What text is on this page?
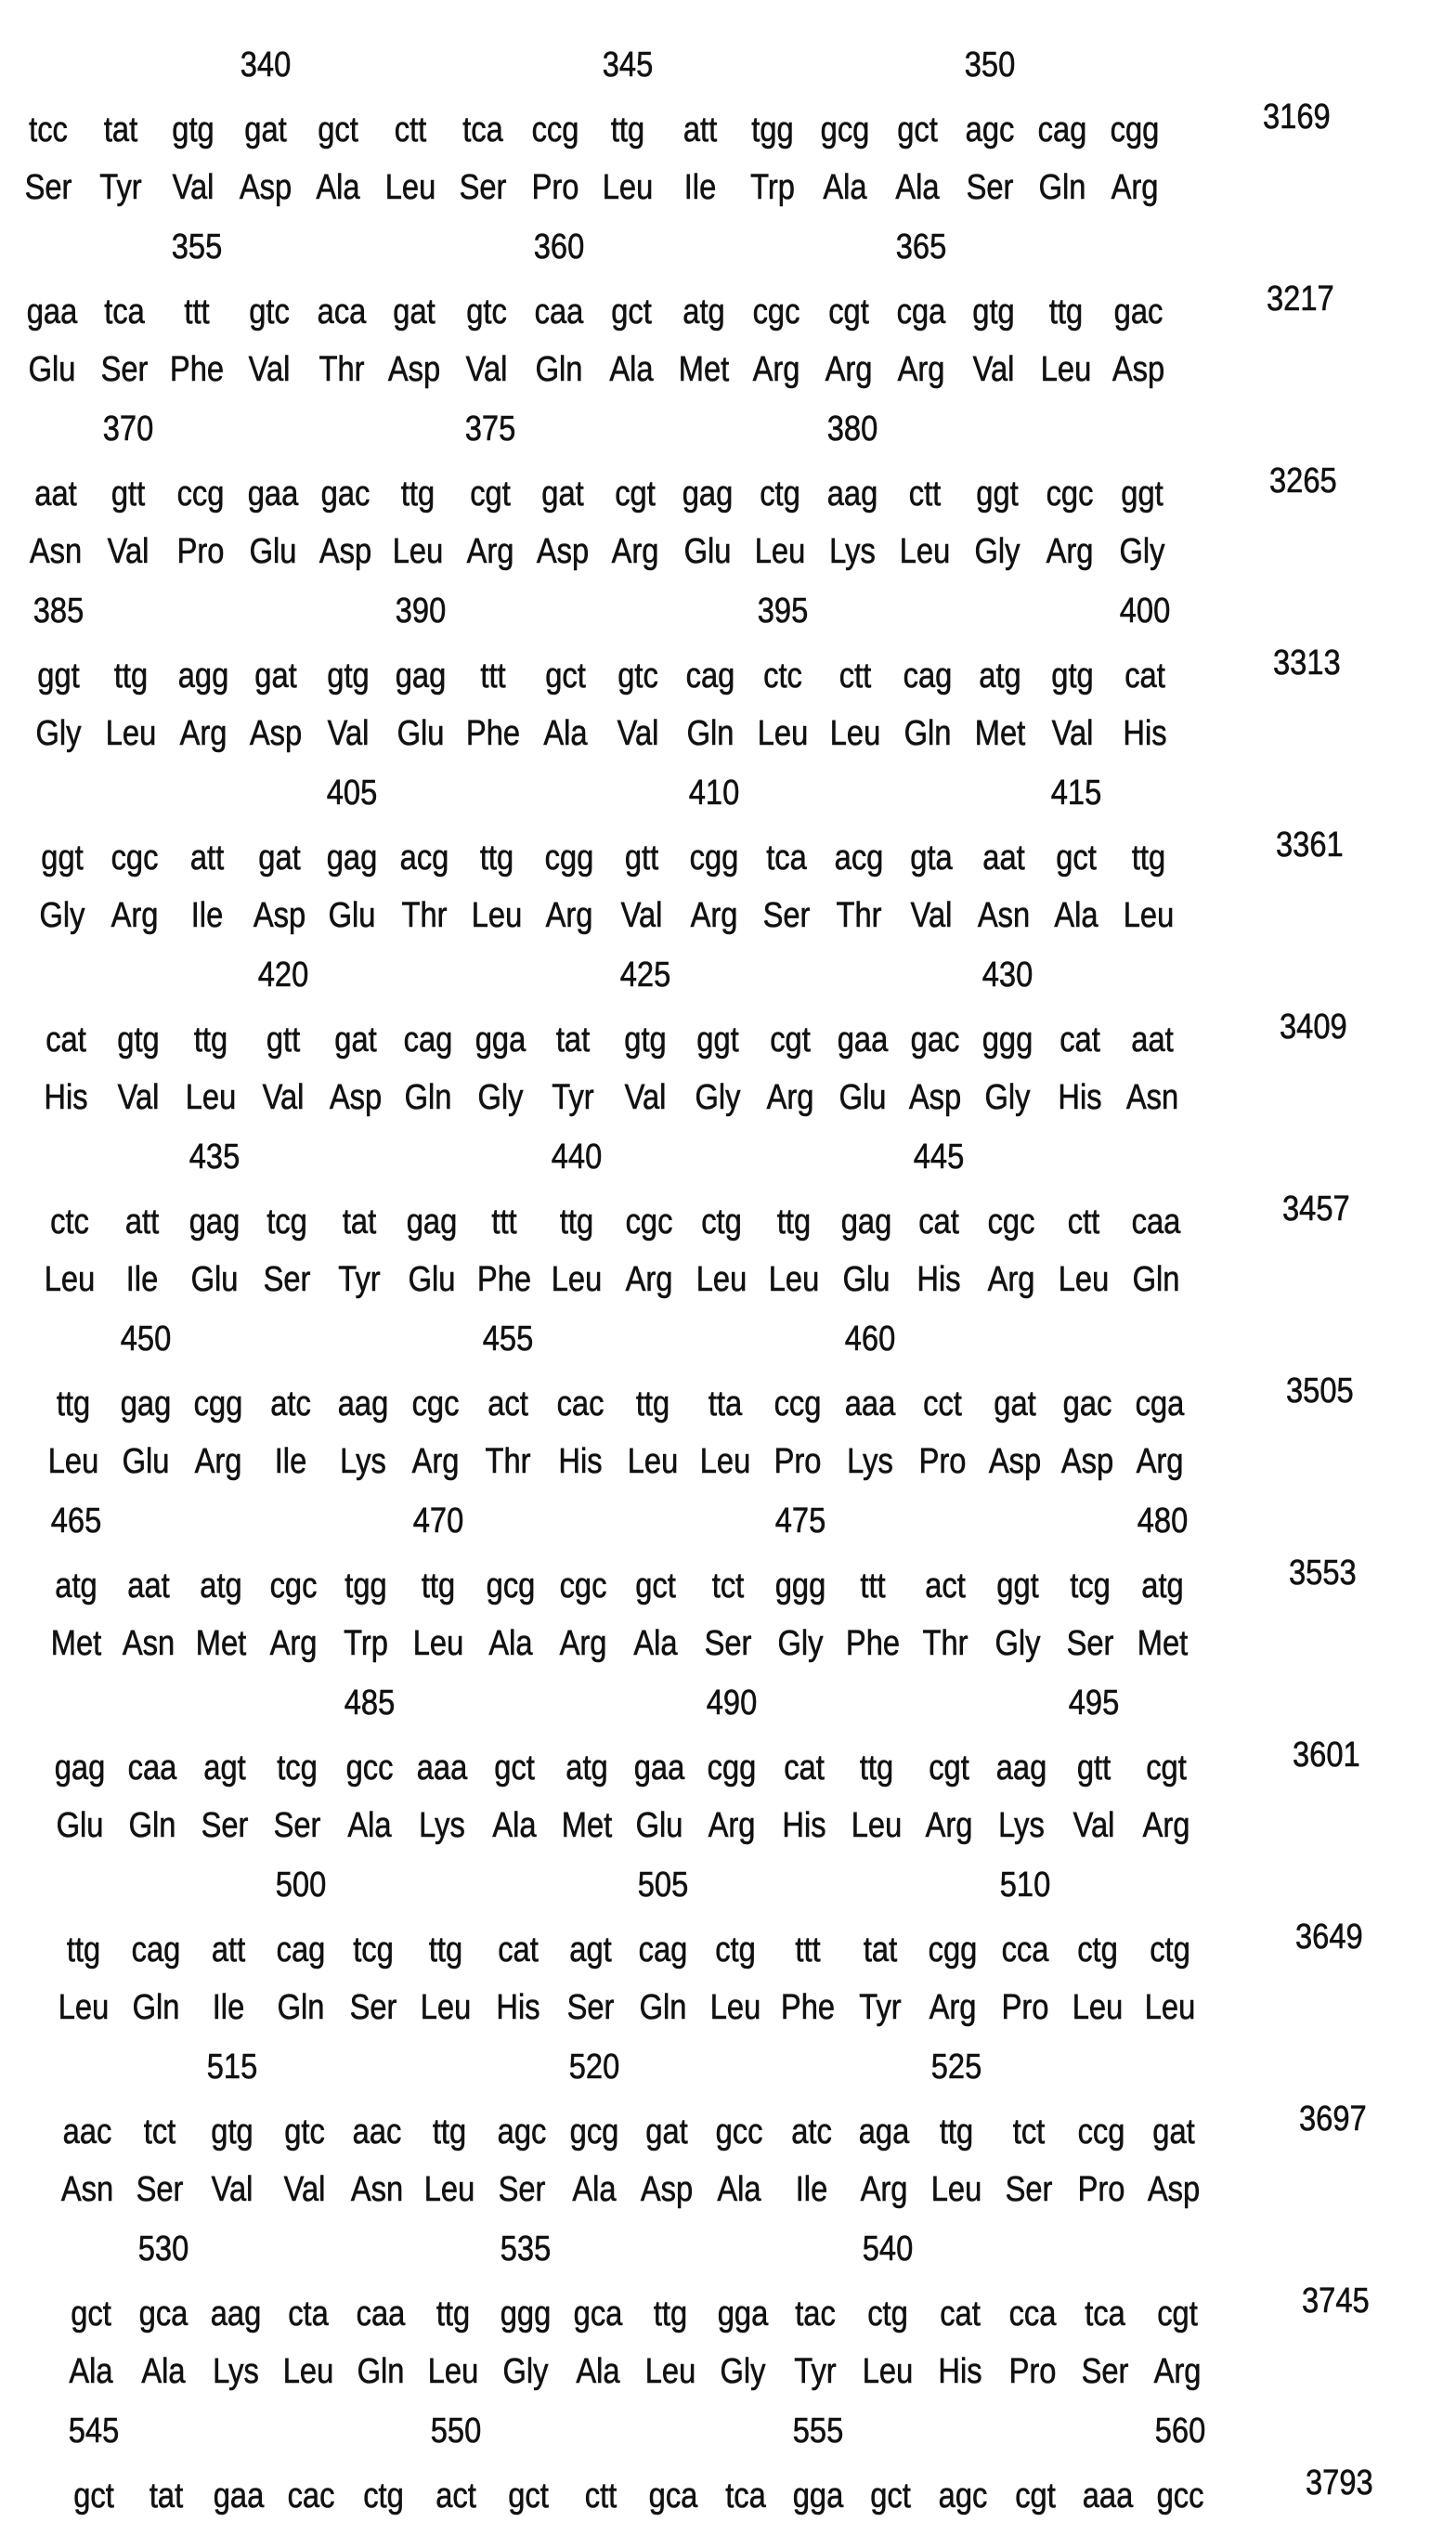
340	345	350
tcc	tat gtg gat gct	ctt	tca ccg ttg	att tgg gcg gct agc cag cgg
Ser Tyr Val Asp Ala Leu Ser Pro Leu Ile Trp Ala Ala Ser Gln Arg
3169
355	360	365
gaa tca	ttt	gtc aca gat gtc caa gct atg cgc cgt cga gtg ttg gac
Glu Ser Phe Val Thr Asp Val Gln Ala Met Arg Arg Arg Val Leu Asp
3217
370	375	380
aat gtt ccg gaa gac ttg	cgt gat cgt gag ctg aag ctt	ggt cgc ggt
Asn Val Pro Glu Asp Leu Arg Asp Arg Glu Leu Lys Leu Gly Arg Gly
3265
385	390	395	400
ggt ttg agg gat gtg gag ttt	gct gtc cag ctc	ctt cag atg gtg cat
Gly Leu Arg Asp Val Glu Phe Ala Val Gln Leu Leu Gln Met Val His
3313
405	410	415
ggt cgc att gat gag acg ttg cgg gtt cgg tca acg gta aat gct	ttg
Gly Arg Ile Asp Glu Thr Leu Arg Val Arg Ser Thr Val Asn Ala Leu
3361
420	425	430
cat gtg ttg	gtt gat cag gga tat gtg ggt cgt gaa gac ggg cat aat
His Val Leu Val Asp Gln Gly Tyr Val Gly Arg Glu Asp Gly His Asn
3409
435	440	445
ctc	att gag tcg	tat gag ttt	ttg cgc ctg	ttg gag cat cgc ctt caa
Leu Ile Glu Ser Tyr Glu Phe Leu Arg Leu Leu Glu His Arg Leu Gln
3457
450	455	460
ttg gag cgg atc aag cgc act cac ttg	tta ccg aaa cct gat gac cga
Leu Glu Arg Ile Lys Arg Thr His Leu Leu Pro Lys Pro Asp Asp Arg
3505
465	470	475	480
atg aat atg cgc tgg ttg gcg cgc gct	tct ggg ttt	act ggt tcg atg
Met Asn Met Arg Trp Leu Ala Arg Ala Ser Gly Phe Thr Gly Ser Met
3553
485	490	495
gag caa agt tcg gcc aaa gct atg gaa cgg cat	ttg	cgt aag gtt	cgt
Glu Gln Ser Ser Ala Lys Ala Met Glu Arg His Leu Arg Lys Val Arg
3601
500	505	510
ttg cag att cag tcg	ttg	cat agt cag ctg	ttt	tat cgg cca ctg ctg
Leu Gln Ile Gln Ser Leu His Ser Gln Leu Phe Tyr Arg Pro Leu Leu
3649
515	520	525
aac tct	gtg gtc aac ttg agc gcg gat gcc atc aga ttg	tct ccg gat
Asn Ser Val Val Asn Leu Ser Ala Asp Ala Ile Arg Leu Ser Pro Asp
3697
530	535	540
gct gca aag cta caa ttg ggg gca ttg gga tac ctg cat cca tca cgt
Ala Ala Lys Leu Gln Leu Gly Ala Leu Gly Tyr Leu His Pro Ser Arg
3745
545	550	555	560
gct	tat gaa cac ctg act gct	ctt gca tca gga gct agc cgt aaa gcc	3793
